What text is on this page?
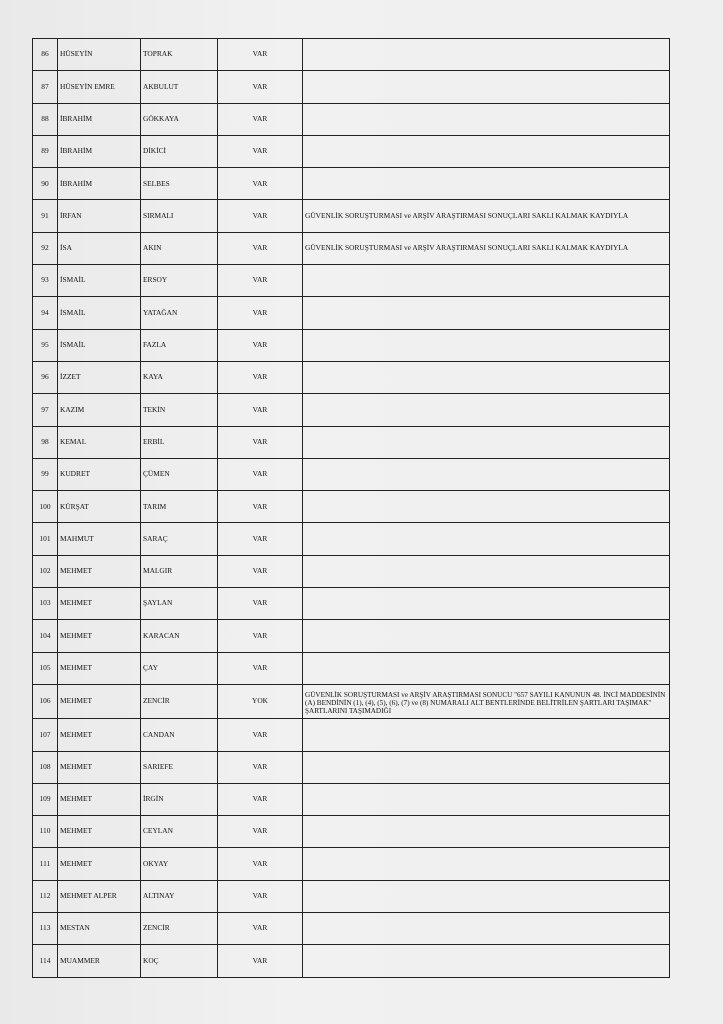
86	HÜSEYİN	TOPRAK	VAR	
87	HÜSEYİN EMRE	AKBULUT	VAR	
88	İBRAHİM	GÖKKAYA	VAR	
89	İBRAHİM	DİKİCİ	VAR	
90	İBRAHİM	SELBES	VAR	
91	İRFAN	SIRMALI	VAR	GÜVENLİK SORUŞTURMASI ve ARŞİV ARAŞTIRMASI SONUÇLARI SAKLI KALMAK KAYDIYLA
92	İSA	AKIN	VAR	GÜVENLİK SORUŞTURMASI ve ARŞİV ARAŞTIRMASI SONUÇLARI SAKLI KALMAK KAYDIYLA
93	İSMAİL	ERSOY	VAR	
94	İSMAİL	YATAĞAN	VAR	
95	İSMAİL	FAZLA	VAR	
96	İZZET	KAYA	VAR	
97	KAZIM	TEKİN	VAR	
98	KEMAL	ERBİL	VAR	
99	KUDRET	ÇÜMEN	VAR	
100	KÜRŞAT	TARIM	VAR	
101	MAHMUT	SARAÇ	VAR	
102	MEHMET	MALGIR	VAR	
103	MEHMET	ŞAYLAN	VAR	
104	MEHMET	KARACAN	VAR	
105	MEHMET	ÇAY	VAR	
106	MEHMET	ZENCİR	YOK	GÜVENLİK SORUŞTURMASI ve ARŞİV ARAŞTIRMASI SONUCU "657 SAYILI KANUNUN 48. İNCİ MADDESİNİN (A) BENDİNİN (1), (4), (5), (6), (7) ve (8) NUMARALI ALT BENTLERİNDE BELİTRİLEN ŞARTLARI TAŞIMAK" ŞARTLARINI TAŞIMADIĞI
107	MEHMET	CANDAN	VAR	
108	MEHMET	SARIEFE	VAR	
109	MEHMET	İRGİN	VAR	
110	MEHMET	CEYLAN	VAR	
111	MEHMET	OKYAY	VAR	
112	MEHMET ALPER	ALTINAY	VAR	
113	MESTAN	ZENCİR	VAR	
114	MUAMMER	KOÇ	VAR	
